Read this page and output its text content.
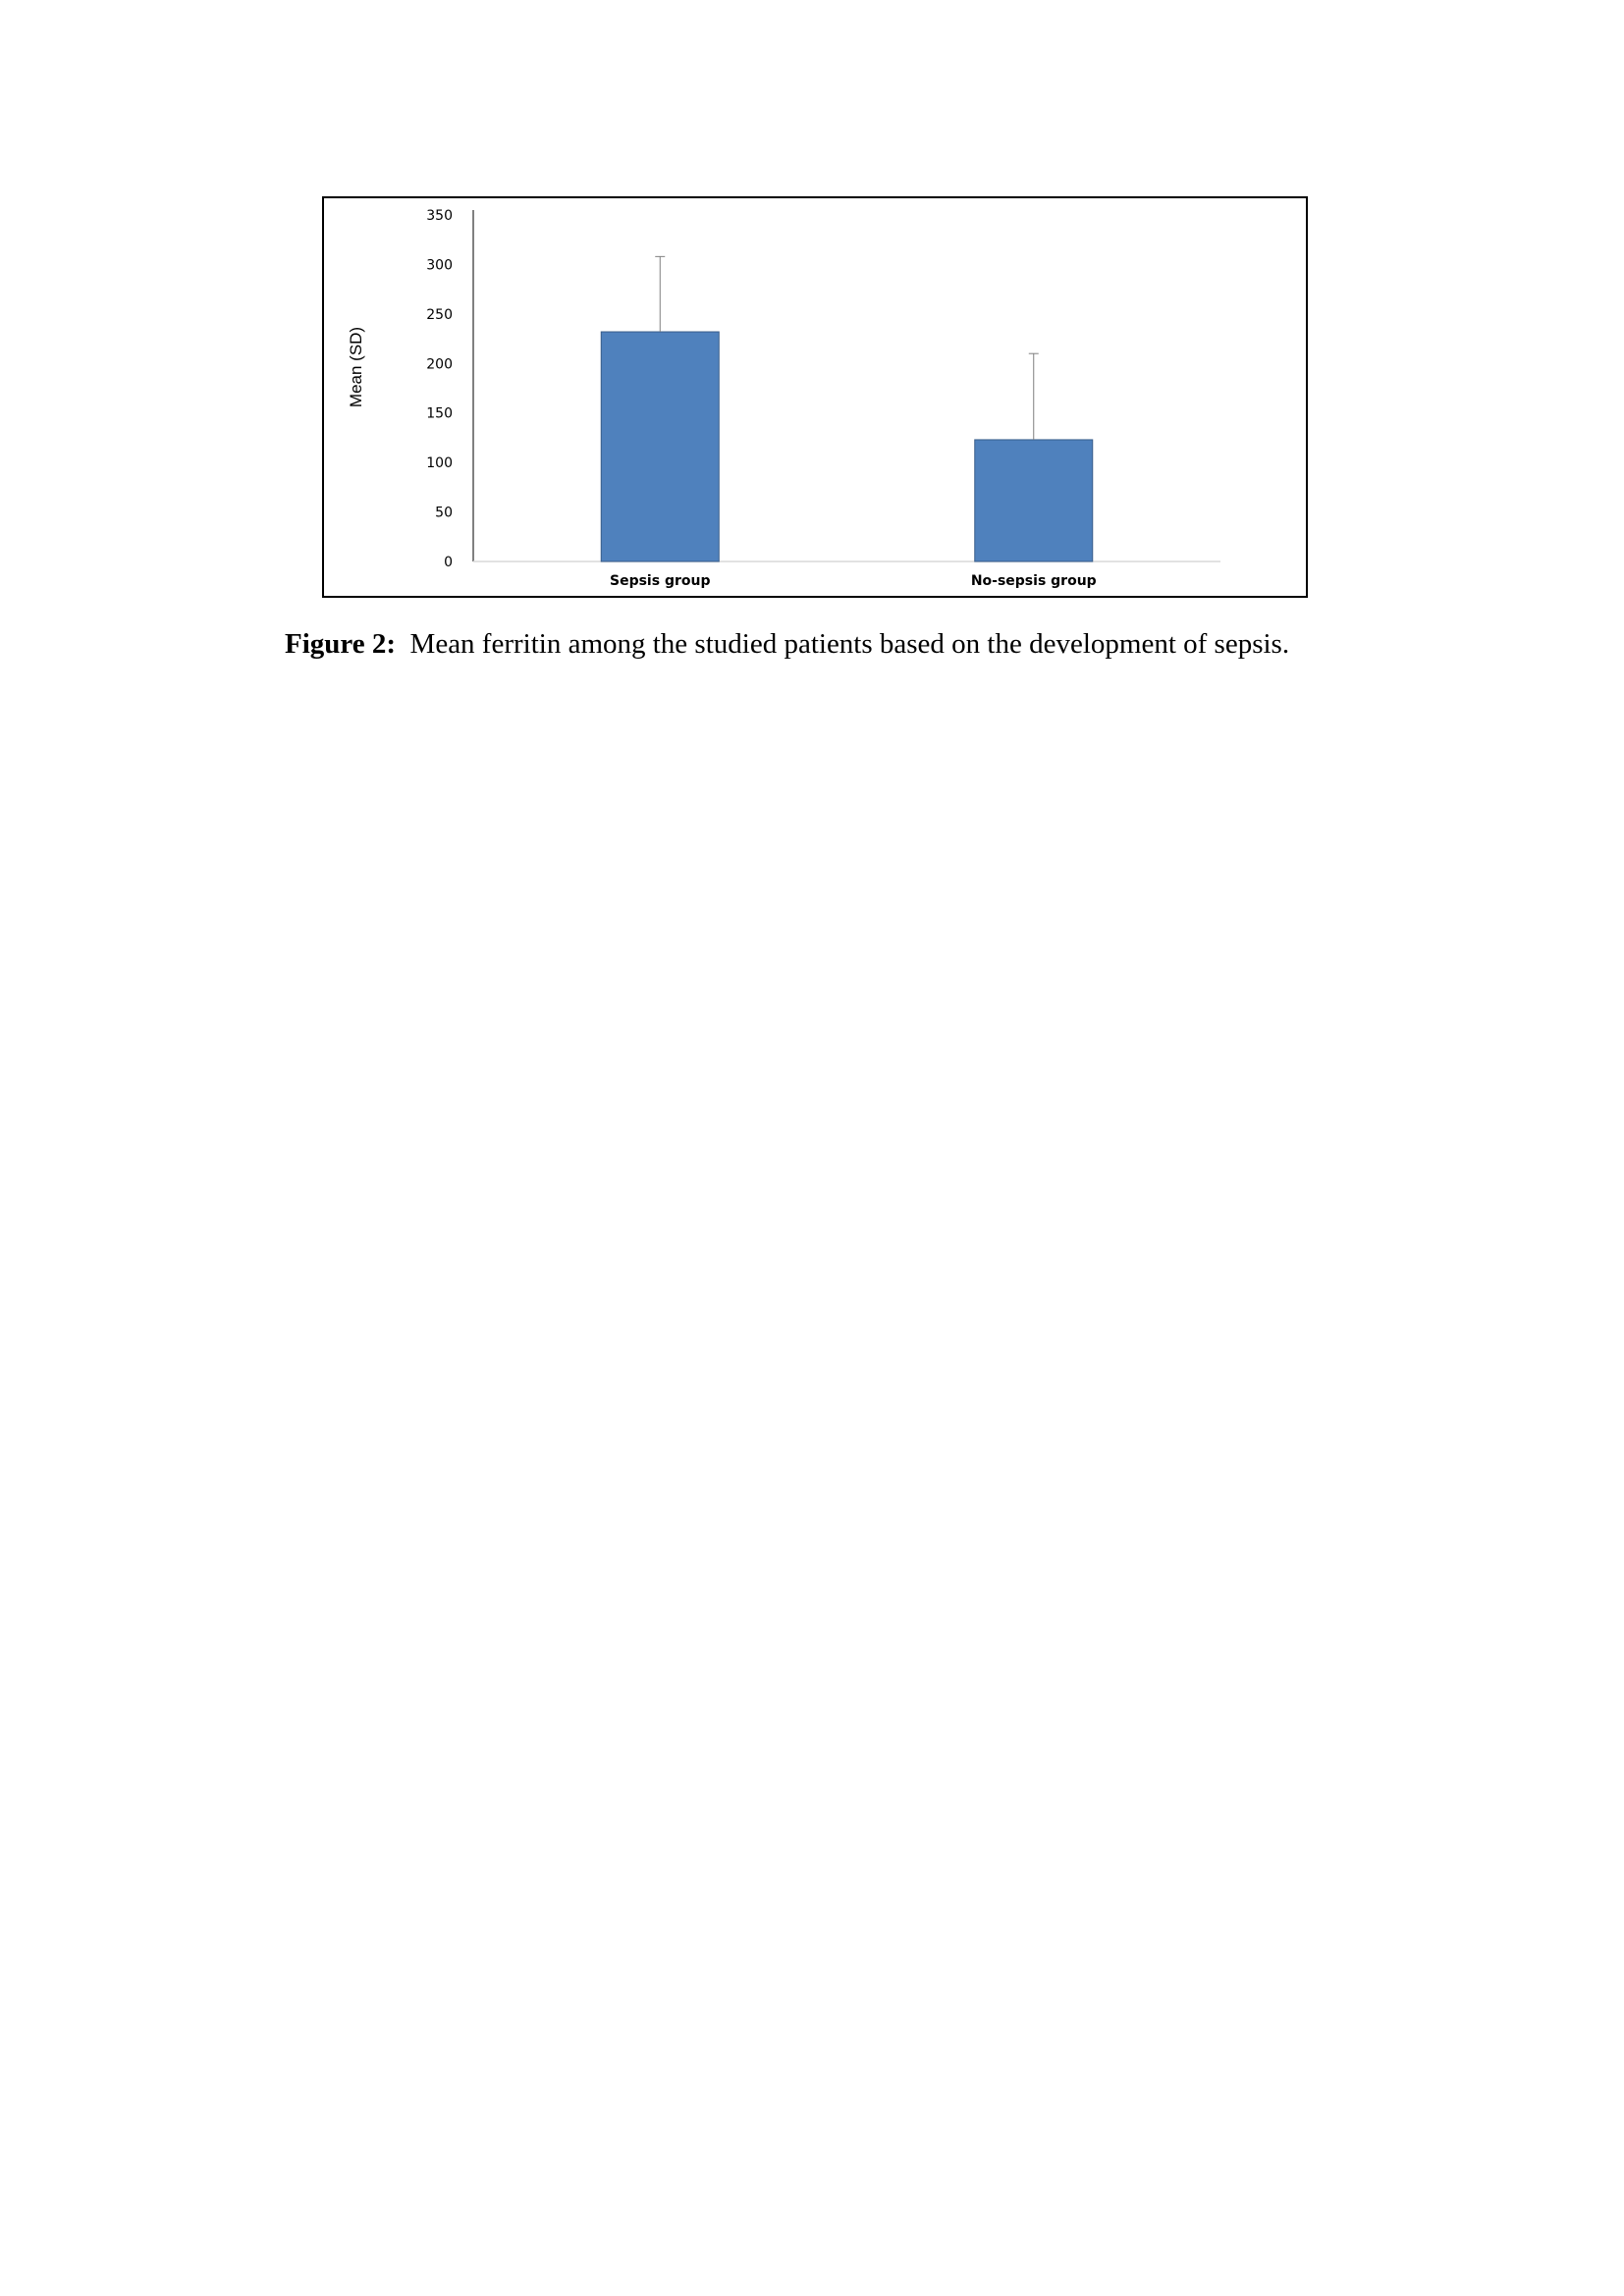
0
50
100
150
200
250
300
350
Sepsis group	No-sepsis group
Mean (SD)
Figure 2: Mean ferritin among the studied patients based on the development of sepsis.
